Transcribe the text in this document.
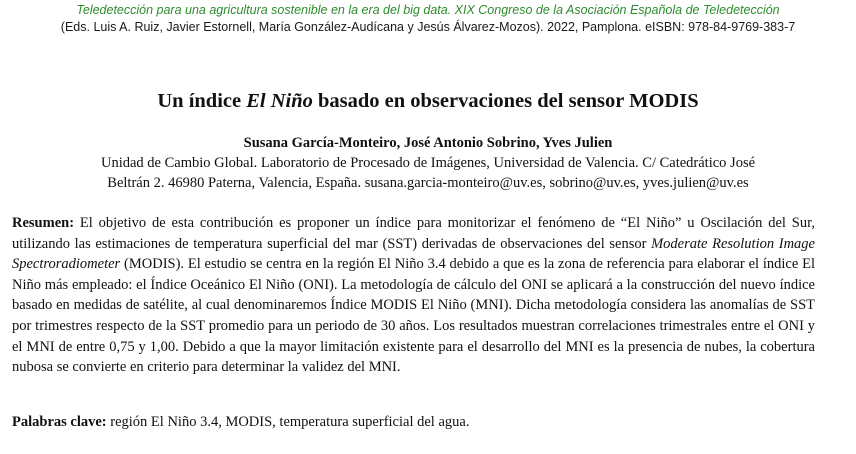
Teledetección para una agricultura sostenible en la era del big data. XIX Congreso de la Asociación Española de Teledetección
(Eds. Luis A. Ruiz, Javier Estornell, María González-Audícana y Jesús Álvarez-Mozos). 2022, Pamplona. eISBN: 978-84-9769-383-7
Un índice El Niño basado en observaciones del sensor MODIS
Susana García-Monteiro, José Antonio Sobrino, Yves Julien
Unidad de Cambio Global. Laboratorio de Procesado de Imágenes, Universidad de Valencia. C/ Catedrático José
Beltrán 2. 46980 Paterna, Valencia, España. susana.garcia-monteiro@uv.es, sobrino@uv.es, yves.julien@uv.es

Resumen: El objetivo de esta contribución es proponer un índice para monitorizar el fenómeno de “El Niño” u Oscilación del Sur, utilizando las estimaciones de temperatura superficial del mar (SST) derivadas de observaciones del sensor Moderate Resolution Image Spectroradiometer (MODIS). El estudio se centra en la región El Niño 3.4 debido a que es la zona de referencia para elaborar el índice El Niño más empleado: el Índice Oceánico El Niño (ONI). La metodología de cálculo del ONI se aplicará a la construcción del nuevo índice basado en medidas de satélite, al cual denominaremos Índice MODIS El Niño (MNI). Dicha metodología considera las anomalías de SST por trimestres respecto de la SST promedio para un periodo de 30 años. Los resultados muestran correlaciones trimestrales entre el ONI y el MNI de entre 0,75 y 1,00. Debido a que la mayor limitación existente para el desarrollo del MNI es la presencia de nubes, la cobertura nubosa se convierte en criterio para determinar la validez del MNI.

Palabras clave: región El Niño 3.4, MODIS, temperatura superficial del agua.
